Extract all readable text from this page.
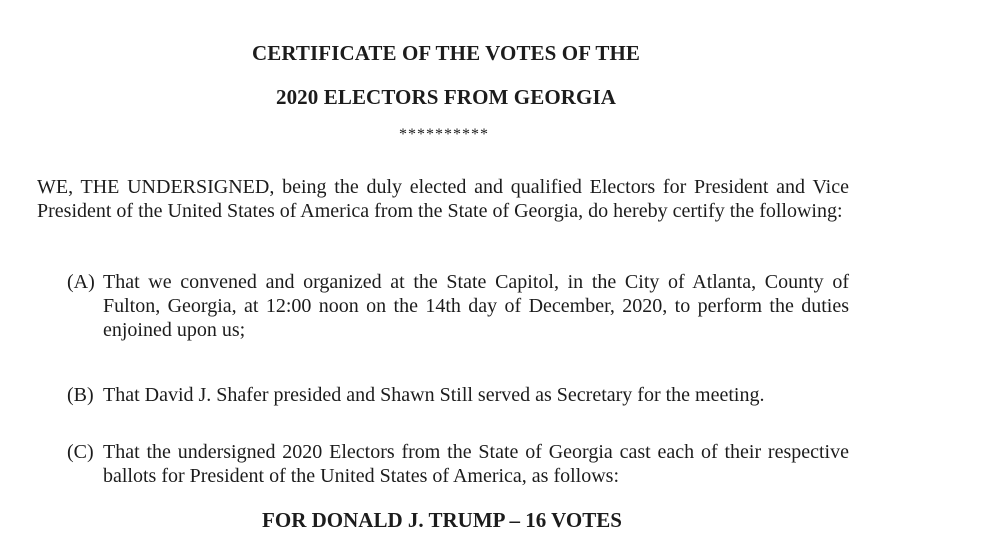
CERTIFICATE OF THE VOTES OF THE
2020 ELECTORS FROM GEORGIA
**********
WE, THE UNDERSIGNED, being the duly elected and qualified Electors for President and Vice President of the United States of America from the State of Georgia, do hereby certify the following:
(A) That we convened and organized at the State Capitol, in the City of Atlanta, County of Fulton, Georgia, at 12:00 noon on the 14th day of December, 2020, to perform the duties enjoined upon us;
(B) That David J. Shafer presided and Shawn Still served as Secretary for the meeting.
(C) That the undersigned 2020 Electors from the State of Georgia cast each of their respective ballots for President of the United States of America, as follows:
FOR DONALD J. TRUMP – 16 VOTES
